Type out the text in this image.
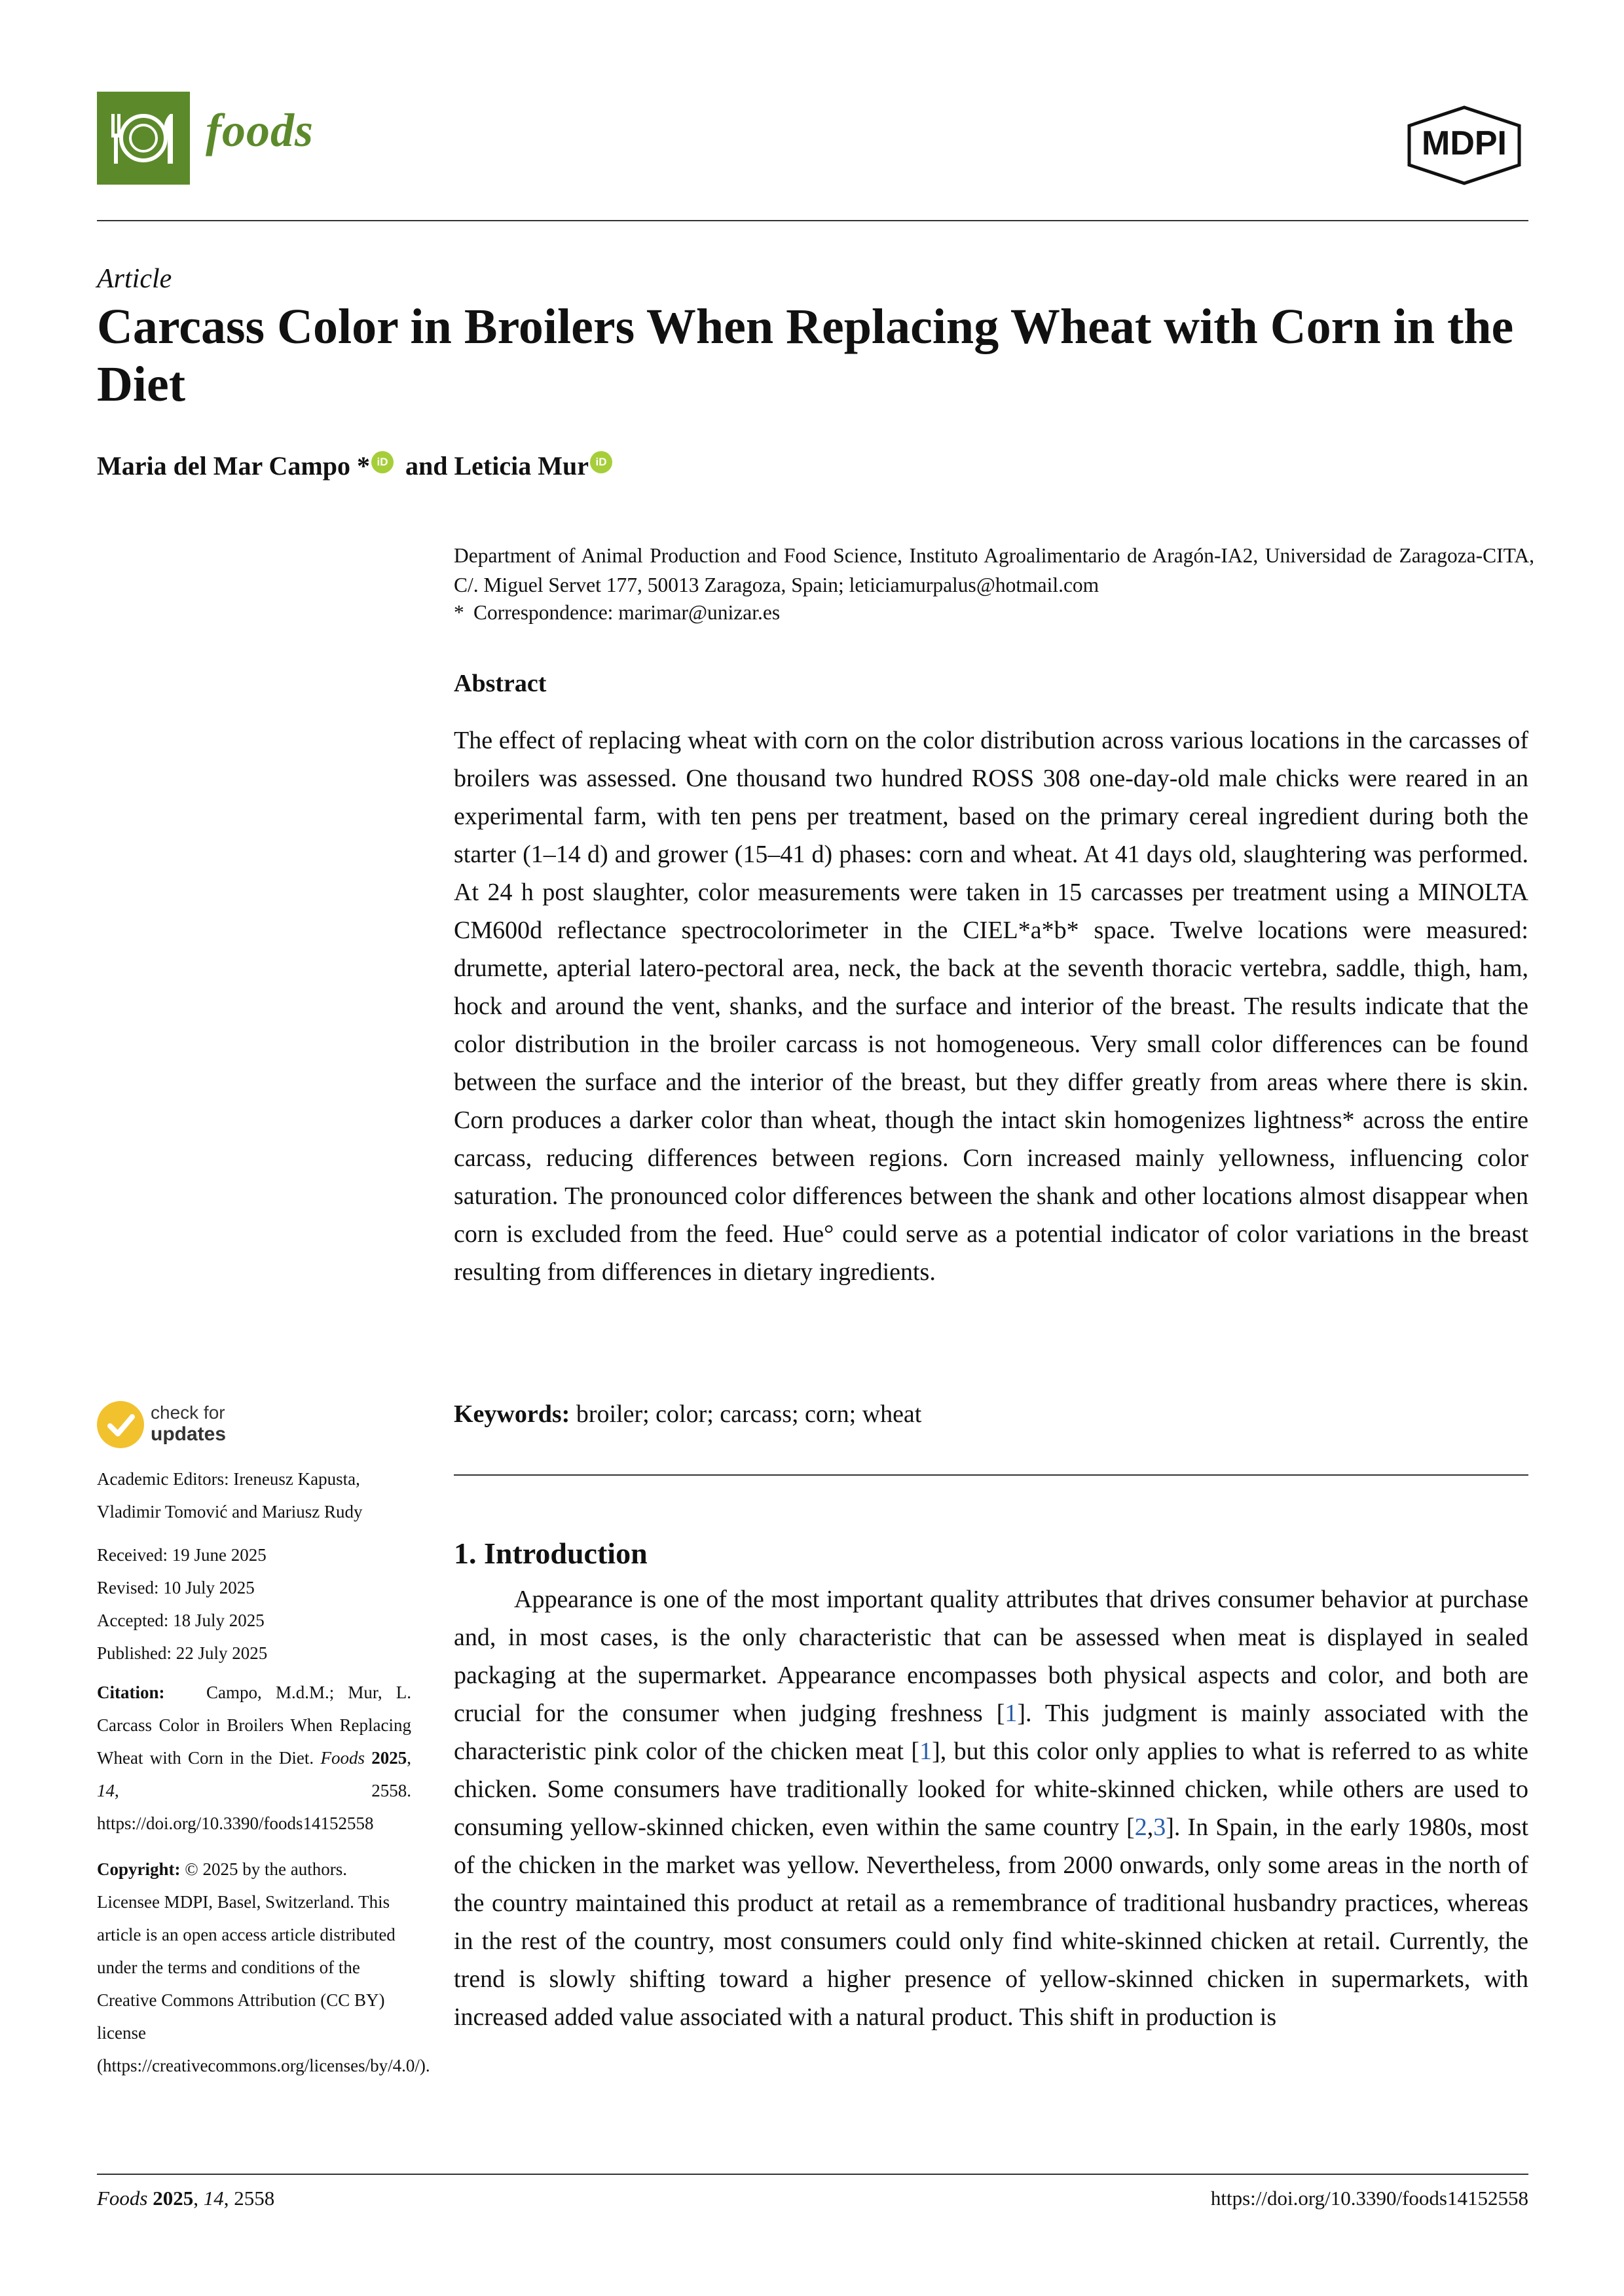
foods	MDPI
Article
Carcass Color in Broilers When Replacing Wheat with Corn in the Diet
Maria del Mar Campo * iD and Leticia Mur iD
Department of Animal Production and Food Science, Instituto Agroalimentario de Aragón-IA2, Universidad de Zaragoza-CITA, C/. Miguel Servet 177, 50013 Zaragoza, Spain; leticiamurpalus@hotmail.com
* Correspondence: marimar@unizar.es
Abstract
The effect of replacing wheat with corn on the color distribution across various locations in the carcasses of broilers was assessed. One thousand two hundred ROSS 308 one-day-old male chicks were reared in an experimental farm, with ten pens per treatment, based on the primary cereal ingredient during both the starter (1–14 d) and grower (15–41 d) phases: corn and wheat. At 41 days old, slaughtering was performed. At 24 h post slaughter, color measurements were taken in 15 carcasses per treatment using a MINOLTA CM600d reflectance spectrocolorimeter in the CIEL*a*b* space. Twelve locations were measured: drumette, apterial latero-pectoral area, neck, the back at the seventh thoracic vertebra, saddle, thigh, ham, hock and around the vent, shanks, and the surface and interior of the breast. The results indicate that the color distribution in the broiler carcass is not homogeneous. Very small color differences can be found between the surface and the interior of the breast, but they differ greatly from areas where there is skin. Corn produces a darker color than wheat, though the intact skin homogenizes lightness* across the entire carcass, reducing differences between regions. Corn increased mainly yellowness, influencing color saturation. The pronounced color differences between the shank and other locations almost disappear when corn is excluded from the feed. Hue° could serve as a potential indicator of color variations in the breast resulting from differences in dietary ingredients.
Keywords: broiler; color; carcass; corn; wheat
1. Introduction
Appearance is one of the most important quality attributes that drives consumer behavior at purchase and, in most cases, is the only characteristic that can be assessed when meat is displayed in sealed packaging at the supermarket. Appearance encompasses both physical aspects and color, and both are crucial for the consumer when judging freshness [1]. This judgment is mainly associated with the characteristic pink color of the chicken meat [1], but this color only applies to what is referred to as white chicken. Some consumers have traditionally looked for white-skinned chicken, while others are used to consuming yellow-skinned chicken, even within the same country [2,3]. In Spain, in the early 1980s, most of the chicken in the market was yellow. Nevertheless, from 2000 onwards, only some areas in the north of the country maintained this product at retail as a remembrance of traditional husbandry practices, whereas in the rest of the country, most consumers could only find white-skinned chicken at retail. Currently, the trend is slowly shifting toward a higher presence of yellow-skinned chicken in supermarkets, with increased added value associated with a natural product. This shift in production is
check for
updates
Academic Editors: Ireneusz Kapusta, Vladimir Tomović and Mariusz Rudy
Received: 19 June 2025
Revised: 10 July 2025
Accepted: 18 July 2025
Published: 22 July 2025
Citation: Campo, M.d.M.; Mur, L. Carcass Color in Broilers When Replacing Wheat with Corn in the Diet. Foods 2025, 14, 2558. https://doi.org/10.3390/foods14152558
Copyright: © 2025 by the authors. Licensee MDPI, Basel, Switzerland. This article is an open access article distributed under the terms and conditions of the Creative Commons Attribution (CC BY) license (https://creativecommons.org/licenses/by/4.0/).
Foods 2025, 14, 2558	https://doi.org/10.3390/foods14152558
